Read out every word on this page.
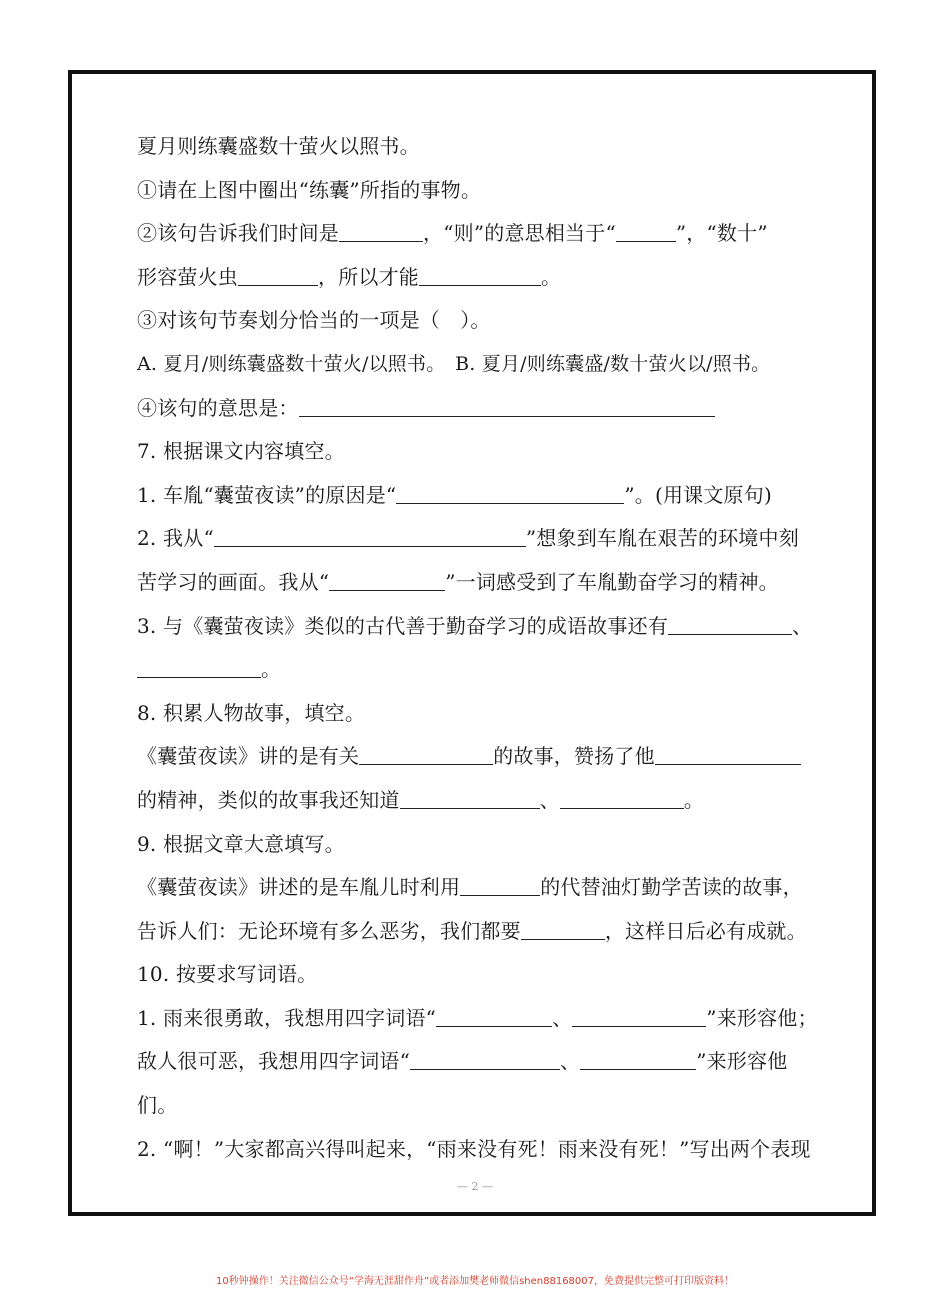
夏月则练囊盛数十萤火以照书。
①请在上图中圈出“练囊”所指的事物。
②该句告诉我们时间是	，“则”的意思相当于“	”，“数十”
形容萤火虫	，所以才能	。
③对该句节奏划分恰当的一项是（　）。
A. 夏月/则练囊盛数十萤火/以照书。　B. 夏月/则练囊盛/数十萤火以/照书。
④该句的意思是：
7. 根据课文内容填空。
1. 车胤“囊萤夜读”的原因是“	”。(用课文原句)
2. 我从“	”想象到车胤在艰苦的环境中刻
苦学习的画面。我从“	”一词感受到了车胤勤奋学习的精神。
3. 与《囊萤夜读》类似的古代善于勤奋学习的成语故事还有	、
。
8. 积累人物故事，填空。
《囊萤夜读》讲的是有关	的故事，赞扬了他
的精神，类似的故事我还知道	、	。
9. 根据文章大意填写。
《囊萤夜读》讲述的是车胤儿时利用	的代替油灯勤学苦读的故事，
告诉人们：无论环境有多么恶劣，我们都要	，这样日后必有成就。
10. 按要求写词语。
1. 雨来很勇敢，我想用四字词语“	、	”来形容他；
敌人很可恶，我想用四字词语“	、	”来形容他
们。
2. “啊！”大家都高兴得叫起来，“雨来没有死！雨来没有死！”写出两个表现
— 2 —
10秒钟操作！关注微信公众号“学海无涯甜作舟”或者添加樊老师微信shen88168007，免费提供完整可打印版资料！
